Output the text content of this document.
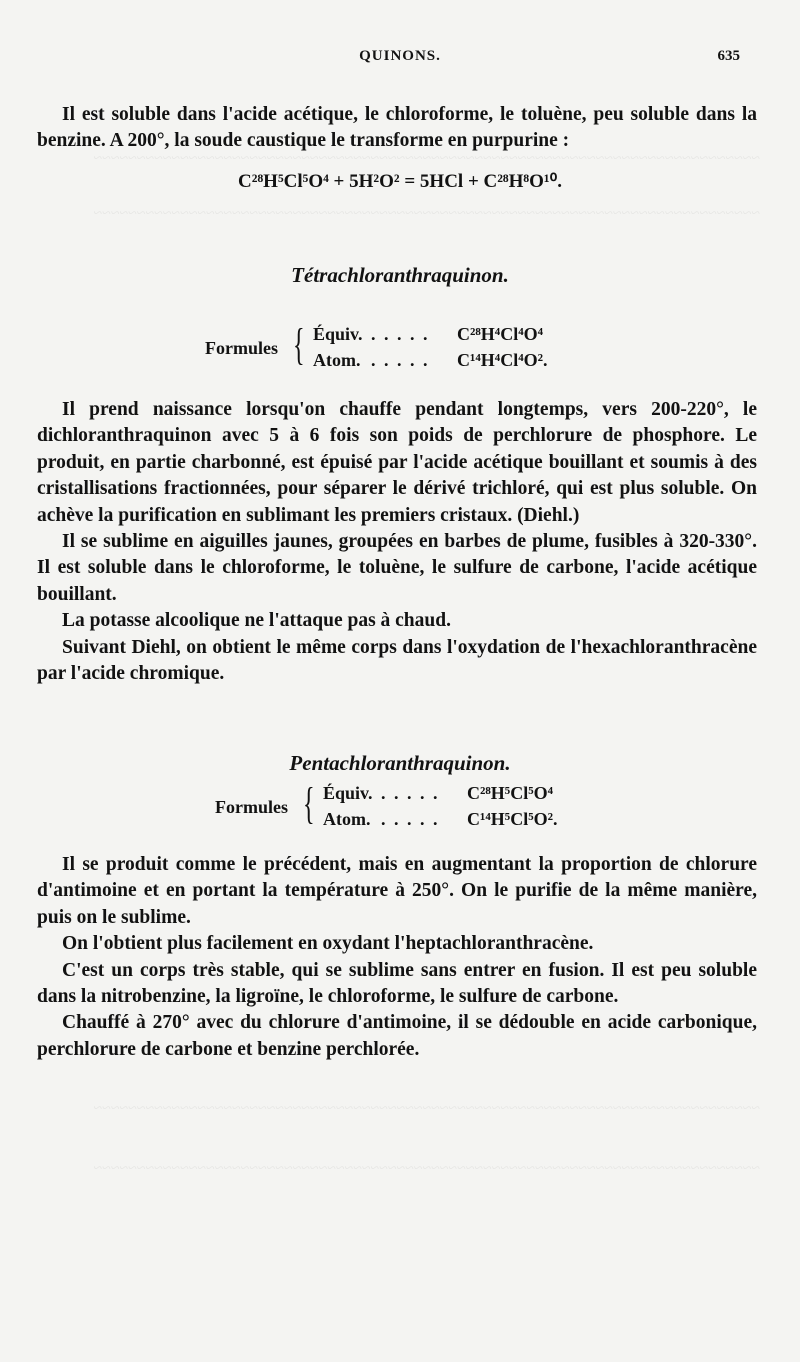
~~~~~~~~~~~~~~~~~~~~~~~~~~~~~~~~~~~~~~~~~~~~~~~~~~~~~~~~~~~~~~~~~~~~~~~~~~~~~
~~~~~~~~~~~~~~~~~~~~~~~~~~~~~~~~~~~~~~~~~~~~~~~~~~~~~~~~~~~~~~~~~~~~~~~~~~~~~
~~~~~~~~~~~~~~~~~~~~~~~~~~~~~~~~~~~~~~~~~~~~~~~~~~~~~~~~~~~~~~~~~~~~~~~~~~~~~
~~~~~~~~~~~~~~~~~~~~~~~~~~~~~~~~~~~~~~~~~~~~~~~~~~~~~~~~~~~~~~~~~~~~~~~~~~~~~
QUINONS.	635

Il est soluble dans l'acide acétique, le chloroforme, le toluène, peu soluble dans la benzine. A 200°, la soude caustique le transforme en purpurine :

C²⁸H⁵Cl⁵O⁴ + 5H²O² = 5HCl + C²⁸H⁸O¹⁰.
Tétrachloranthraquinon.
Formules { Équiv. . . . . . C²⁸H⁴Cl⁴O⁴
Atom. . . . . . C¹⁴H⁴Cl⁴O².

Il prend naissance lorsqu'on chauffe pendant longtemps, vers 200-220°, le dichloranthraquinon avec 5 à 6 fois son poids de perchlorure de phosphore. Le produit, en partie charbonné, est épuisé par l'acide acétique bouillant et soumis à des cristallisations fractionnées, pour séparer le dérivé trichloré, qui est plus soluble. On achève la purification en sublimant les premiers cristaux. (Diehl.)

Il se sublime en aiguilles jaunes, groupées en barbes de plume, fusibles à 320-330°. Il est soluble dans le chloroforme, le toluène, le sulfure de carbone, l'acide acétique bouillant.

La potasse alcoolique ne l'attaque pas à chaud.

Suivant Diehl, on obtient le même corps dans l'oxydation de l'hexachloranthracène par l'acide chromique.

Pentachloranthraquinon.
Formules { Équiv. . . . . . C²⁸H⁵Cl⁵O⁴
Atom. . . . . . C¹⁴H⁵Cl⁵O².

Il se produit comme le précédent, mais en augmentant la proportion de chlorure d'antimoine et en portant la température à 250°. On le purifie de la même manière, puis on le sublime.

On l'obtient plus facilement en oxydant l'heptachloranthracène.

C'est un corps très stable, qui se sublime sans entrer en fusion. Il est peu soluble dans la nitrobenzine, la ligroïne, le chloroforme, le sulfure de carbone.

Chauffé à 270° avec du chlorure d'antimoine, il se dédouble en acide carbonique, perchlorure de carbone et benzine perchlorée.
